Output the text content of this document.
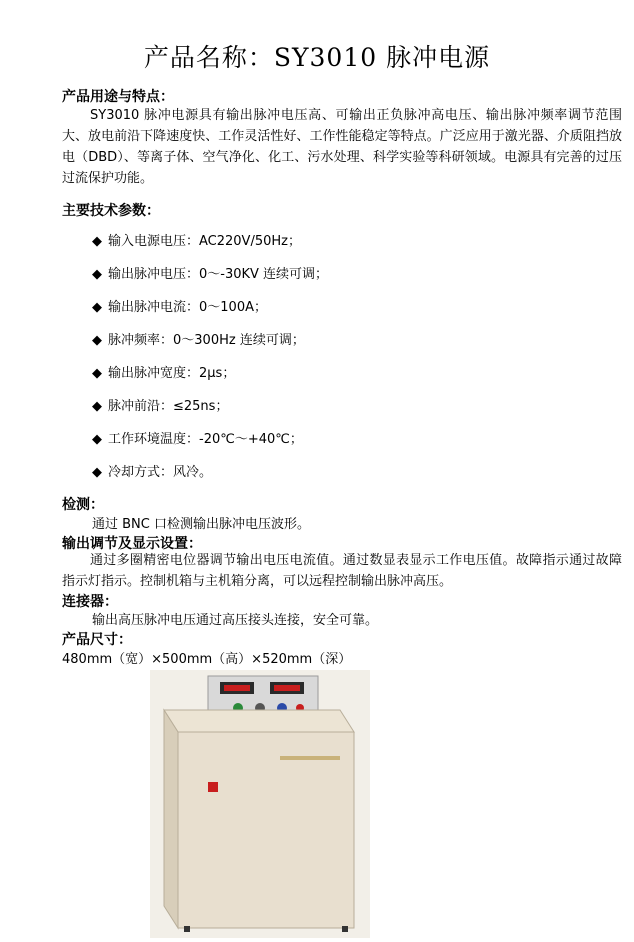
产品名称：SY3010 脉冲电源
产品用途与特点：
SY3010 脉冲电源具有输出脉冲电压高、可输出正负脉冲高电压、输出脉冲频率调节范围大、放电前沿下降速度快、工作灵活性好、工作性能稳定等特点。广泛应用于激光器、介质阻挡放电（DBD）、等离子体、空气净化、化工、污水处理、科学实验等科研领域。电源具有完善的过压过流保护功能。
主要技术参数：
◆ 输入电源电压：AC220V/50Hz；
◆ 输出脉冲电压：0～-30KV 连续可调；
◆ 输出脉冲电流：0～100A；
◆ 脉冲频率：0～300Hz 连续可调；
◆ 输出脉冲宽度：2μs；
◆ 脉冲前沿：≤25ns；
◆ 工作环境温度：-20℃～+40℃；
◆ 冷却方式：风冷。
检测：
通过 BNC 口检测输出脉冲电压波形。
输出调节及显示设置：
通过多圈精密电位器调节输出电压电流值。通过数显表显示工作电压值。故障指示通过故障指示灯指示。控制机箱与主机箱分离，可以远程控制输出脉冲高压。
连接器：
输出高压脉冲电压通过高压接头连接，安全可靠。
产品尺寸：
480mm（宽）×500mm（高）×520mm（深）
